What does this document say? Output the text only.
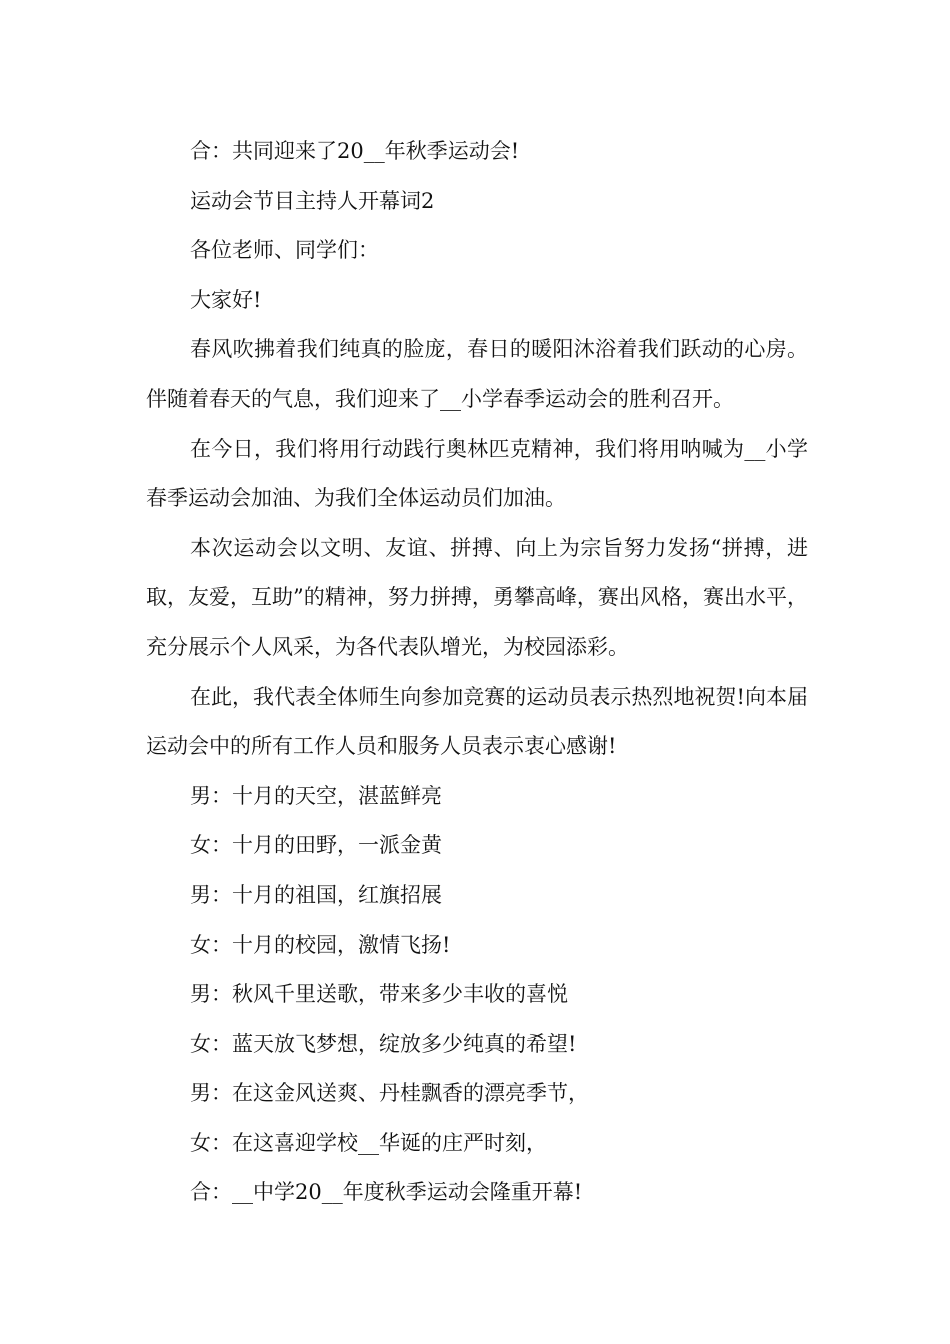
合：共同迎来了20__年秋季运动会!

运动会节目主持人开幕词2

各位老师、同学们：

大家好!

春风吹拂着我们纯真的脸庞，春日的暖阳沐浴着我们跃动的心房。伴随着春天的气息，我们迎来了__小学春季运动会的胜利召开。

在今日，我们将用行动践行奥林匹克精神，我们将用呐喊为__小学春季运动会加油、为我们全体运动员们加油。

本次运动会以文明、友谊、拼搏、向上为宗旨努力发扬“拼搏，进取，友爱，互助”的精神，努力拼搏，勇攀高峰，赛出风格，赛出水平，充分展示个人风采，为各代表队增光，为校园添彩。

在此，我代表全体师生向参加竞赛的运动员表示热烈地祝贺!向本届运动会中的所有工作人员和服务人员表示衷心感谢!

男：十月的天空，湛蓝鲜亮

女：十月的田野，一派金黄

男：十月的祖国，红旗招展

女：十月的校园，激情飞扬!

男：秋风千里送歌，带来多少丰收的喜悦

女：蓝天放飞梦想，绽放多少纯真的希望!

男：在这金风送爽、丹桂飘香的漂亮季节，

女：在这喜迎学校__华诞的庄严时刻，

合：__中学20__年度秋季运动会隆重开幕!
